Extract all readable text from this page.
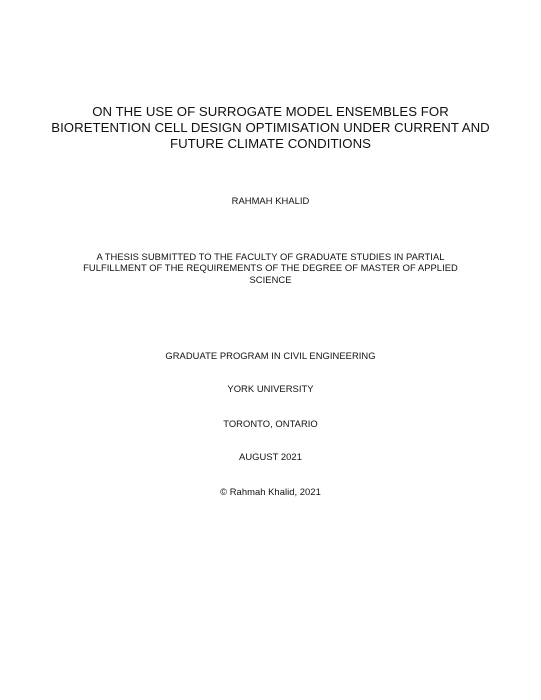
ON THE USE OF SURROGATE MODEL ENSEMBLES FOR
BIORETENTION CELL DESIGN OPTIMISATION UNDER CURRENT AND
FUTURE CLIMATE CONDITIONS
RAHMAH KHALID
A THESIS SUBMITTED TO THE FACULTY OF GRADUATE STUDIES IN PARTIAL
FULFILLMENT OF THE REQUIREMENTS OF THE DEGREE OF MASTER OF APPLIED
SCIENCE
GRADUATE PROGRAM IN CIVIL ENGINEERING
YORK UNIVERSITY
TORONTO, ONTARIO
AUGUST 2021
© Rahmah Khalid, 2021
